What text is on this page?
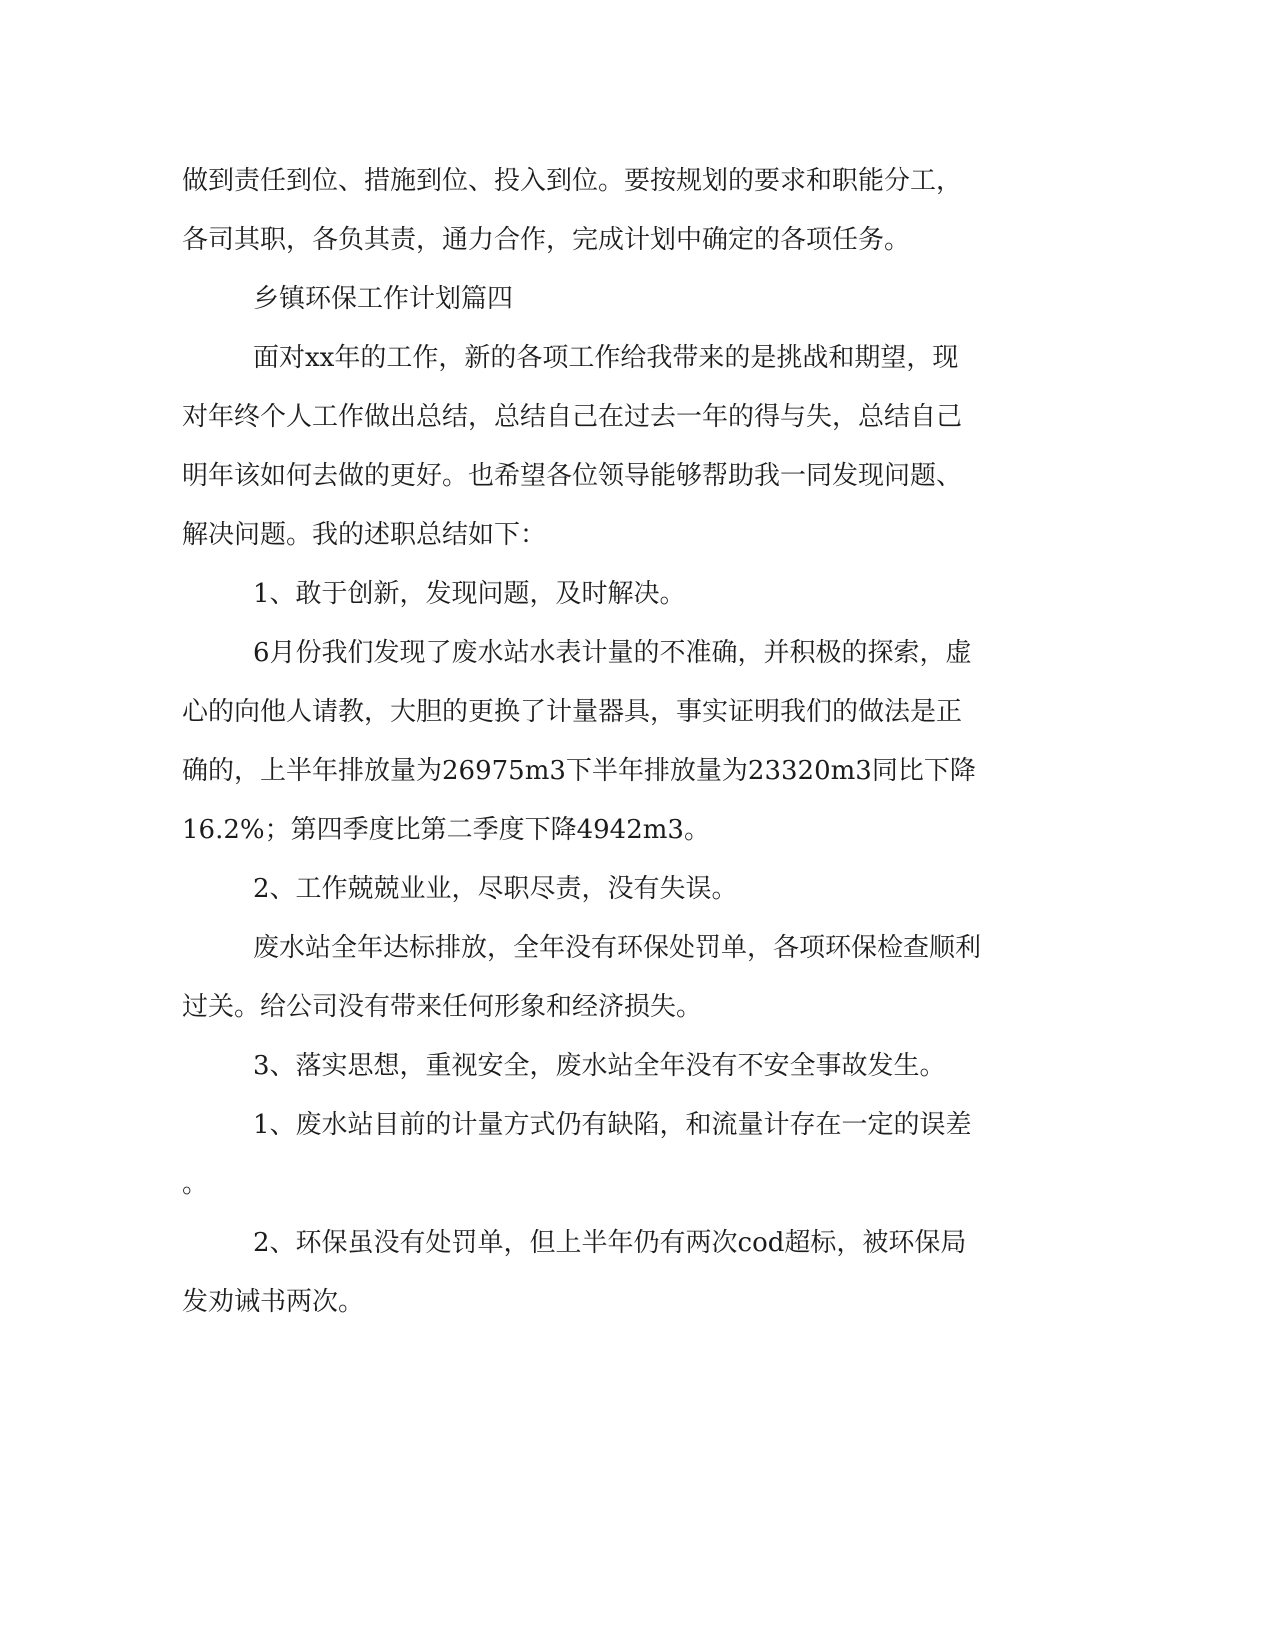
做到责任到位、措施到位、投入到位。要按规划的要求和职能分工，

各司其职，各负其责，通力合作，完成计划中确定的各项任务。

乡镇环保工作计划篇四

面对xx年的工作，新的各项工作给我带来的是挑战和期望，现

对年终个人工作做出总结，总结自己在过去一年的得与失，总结自己

明年该如何去做的更好。也希望各位领导能够帮助我一同发现问题、

解决问题。我的述职总结如下：

1、敢于创新，发现问题，及时解决。

6月份我们发现了废水站水表计量的不准确，并积极的探索，虚

心的向他人请教，大胆的更换了计量器具，事实证明我们的做法是正

确的，上半年排放量为26975m3下半年排放量为23320m3同比下降

16.2%；第四季度比第二季度下降4942m3。

2、工作兢兢业业，尽职尽责，没有失误。

废水站全年达标排放，全年没有环保处罚单，各项环保检查顺利

过关。给公司没有带来任何形象和经济损失。

3、落实思想，重视安全，废水站全年没有不安全事故发生。

1、废水站目前的计量方式仍有缺陷，和流量计存在一定的误差

。

2、环保虽没有处罚单，但上半年仍有两次cod超标，被环保局

发劝诫书两次。
